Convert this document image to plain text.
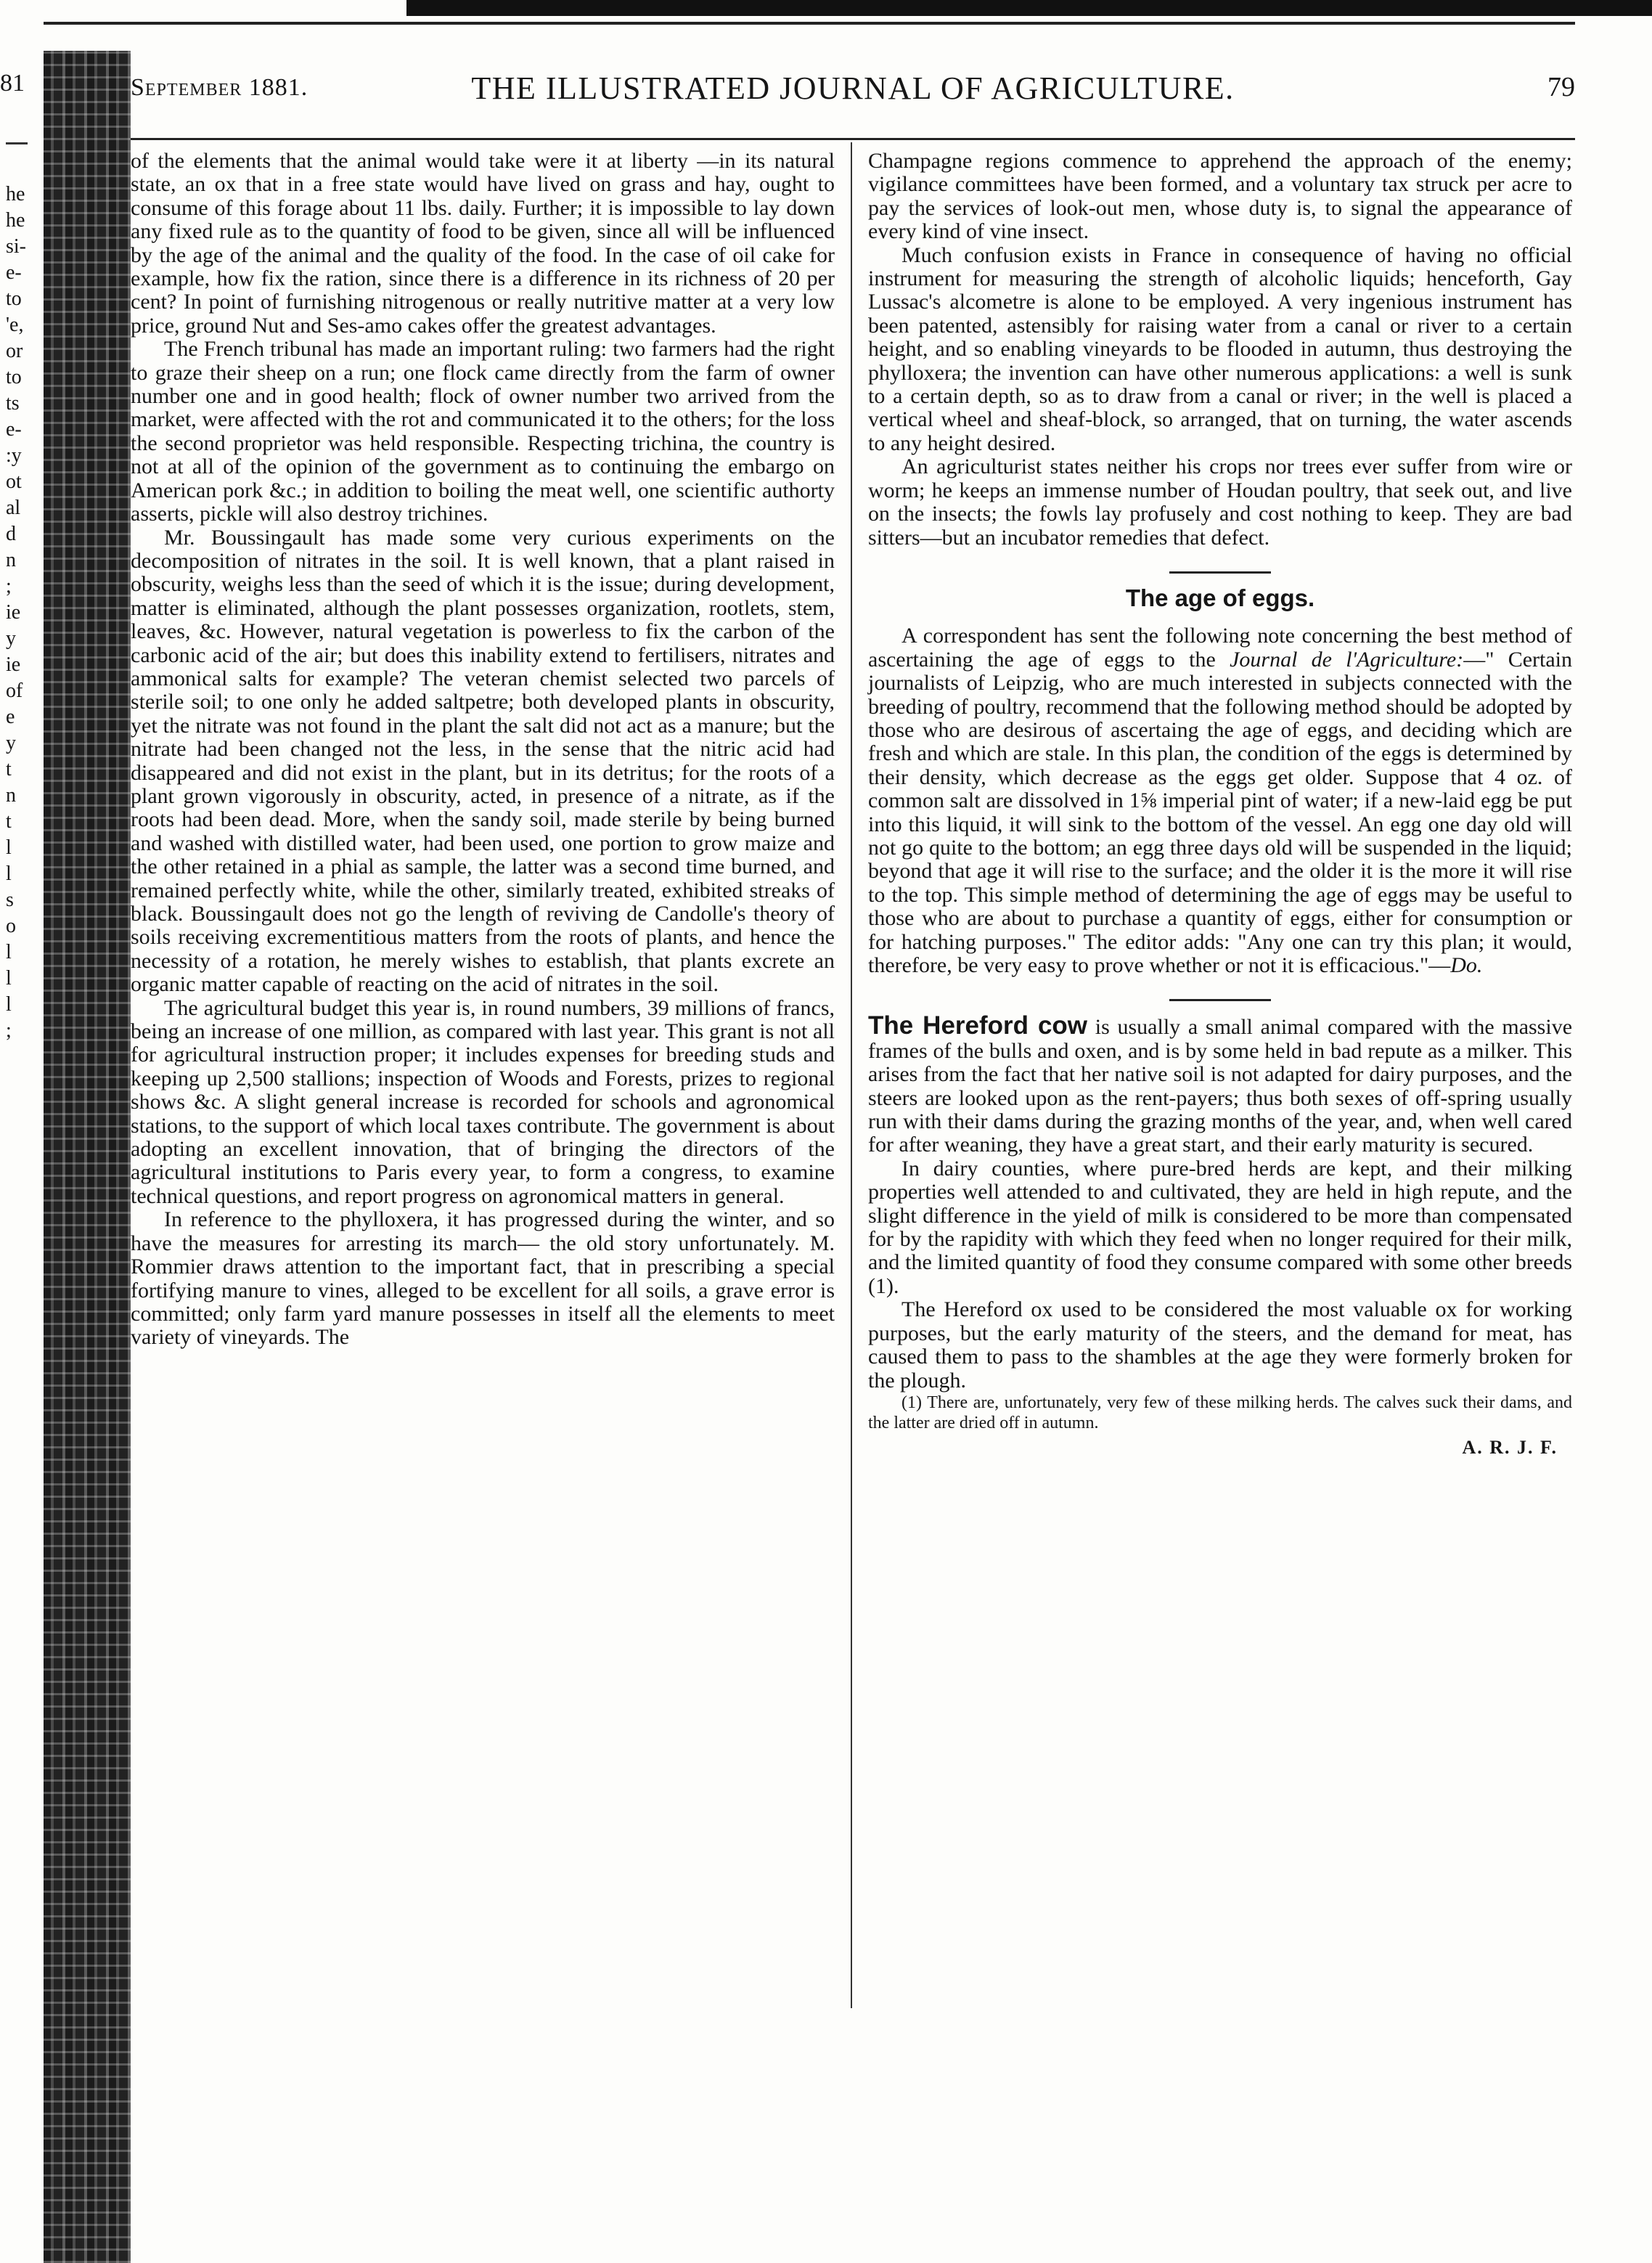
81
he
he
si-
e-
to
'e,
or
to
ts
e-
:y
ot
al
d
n
;
ie
y
ie
of
e
y
t
n
t
l
l
s
o
l
l
l
;
September 1881.	THE ILLUSTRATED JOURNAL OF AGRICULTURE.	79

of the elements that the animal would take were it at liberty —in its natural state, an ox that in a free state would have lived on grass and hay, ought to consume of this forage about 11 lbs. daily. Further; it is impossible to lay down any fixed rule as to the quantity of food to be given, since all will be influenced by the age of the animal and the quality of the food. In the case of oil cake for example, how fix the ration, since there is a difference in its richness of 20 per cent? In point of furnishing nitrogenous or really nutritive matter at a very low price, ground Nut and Ses-amo cakes offer the greatest advantages.

The French tribunal has made an important ruling: two farmers had the right to graze their sheep on a run; one flock came directly from the farm of owner number one and in good health; flock of owner number two arrived from the market, were affected with the rot and communicated it to the others; for the loss the second proprietor was held responsible. Respecting trichina, the country is not at all of the opinion of the government as to continuing the embargo on American pork &c.; in addition to boiling the meat well, one scientific authorty asserts, pickle will also destroy trichines.

Mr. Boussingault has made some very curious experiments on the decomposition of nitrates in the soil. It is well known, that a plant raised in obscurity, weighs less than the seed of which it is the issue; during development, matter is eliminated, although the plant possesses organization, rootlets, stem, leaves, &c. However, natural vegetation is powerless to fix the carbon of the carbonic acid of the air; but does this inability extend to fertilisers, nitrates and ammonical salts for example? The veteran chemist selected two parcels of sterile soil; to one only he added saltpetre; both developed plants in obscurity, yet the nitrate was not found in the plant the salt did not act as a manure; but the nitrate had been changed not the less, in the sense that the nitric acid had disappeared and did not exist in the plant, but in its detritus; for the roots of a plant grown vigorously in obscurity, acted, in presence of a nitrate, as if the roots had been dead. More, when the sandy soil, made sterile by being burned and washed with distilled water, had been used, one portion to grow maize and the other retained in a phial as sample, the latter was a second time burned, and remained perfectly white, while the other, similarly treated, exhibited streaks of black. Boussingault does not go the length of reviving de Candolle's theory of soils receiving excrementitious matters from the roots of plants, and hence the necessity of a rotation, he merely wishes to establish, that plants excrete an organic matter capable of reacting on the acid of nitrates in the soil.

The agricultural budget this year is, in round numbers, 39 millions of francs, being an increase of one million, as compared with last year. This grant is not all for agricultural instruction proper; it includes expenses for breeding studs and keeping up 2,500 stallions; inspection of Woods and Forests, prizes to regional shows &c. A slight general increase is recorded for schools and agronomical stations, to the support of which local taxes contribute. The government is about adopting an excellent innovation, that of bringing the directors of the agricultural institutions to Paris every year, to form a congress, to examine technical questions, and report progress on agronomical matters in general.

In reference to the phylloxera, it has progressed during the winter, and so have the measures for arresting its march— the old story unfortunately. M. Rommier draws attention to the important fact, that in prescribing a special fortifying manure to vines, alleged to be excellent for all soils, a grave error is committed; only farm yard manure possesses in itself all the elements to meet variety of vineyards. The

Champagne regions commence to apprehend the approach of the enemy; vigilance committees have been formed, and a voluntary tax struck per acre to pay the services of look-out men, whose duty is, to signal the appearance of every kind of vine insect.

Much confusion exists in France in consequence of having no official instrument for measuring the strength of alcoholic liquids; henceforth, Gay Lussac's alcometre is alone to be employed. A very ingenious instrument has been patented, astensibly for raising water from a canal or river to a certain height, and so enabling vineyards to be flooded in autumn, thus destroying the phylloxera; the invention can have other numerous applications: a well is sunk to a certain depth, so as to draw from a canal or river; in the well is placed a vertical wheel and sheaf-block, so arranged, that on turning, the water ascends to any height desired.

An agriculturist states neither his crops nor trees ever suffer from wire or worm; he keeps an immense number of Houdan poultry, that seek out, and live on the insects; the fowls lay profusely and cost nothing to keep. They are bad sitters—but an incubator remedies that defect.

The age of eggs.

A correspondent has sent the following note concerning the best method of ascertaining the age of eggs to the Journal de l'Agriculture:—" Certain journalists of Leipzig, who are much interested in subjects connected with the breeding of poultry, recommend that the following method should be adopted by those who are desirous of ascertaing the age of eggs, and deciding which are fresh and which are stale. In this plan, the condition of the eggs is determined by their density, which decrease as the eggs get older. Suppose that 4 oz. of common salt are dissolved in 1⅝ imperial pint of water; if a new-laid egg be put into this liquid, it will sink to the bottom of the vessel. An egg one day old will not go quite to the bottom; an egg three days old will be suspended in the liquid; beyond that age it will rise to the surface; and the older it is the more it will rise to the top. This simple method of determining the age of eggs may be useful to those who are about to purchase a quantity of eggs, either for consumption or for hatching purposes." The editor adds: "Any one can try this plan; it would, therefore, be very easy to prove whether or not it is efficacious."—Do.

The Hereford cow is usually a small animal compared with the massive frames of the bulls and oxen, and is by some held in bad repute as a milker. This arises from the fact that her native soil is not adapted for dairy purposes, and the steers are looked upon as the rent-payers; thus both sexes of off-spring usually run with their dams during the grazing months of the year, and, when well cared for after weaning, they have a great start, and their early maturity is secured.

In dairy counties, where pure-bred herds are kept, and their milking properties well attended to and cultivated, they are held in high repute, and the slight difference in the yield of milk is considered to be more than compensated for by the rapidity with which they feed when no longer required for their milk, and the limited quantity of food they consume compared with some other breeds (1).

The Hereford ox used to be considered the most valuable ox for working purposes, but the early maturity of the steers, and the demand for meat, has caused them to pass to the shambles at the age they were formerly broken for the plough.

(1) There are, unfortunately, very few of these milking herds. The calves suck their dams, and the latter are dried off in autumn.

A. R. J. F.
